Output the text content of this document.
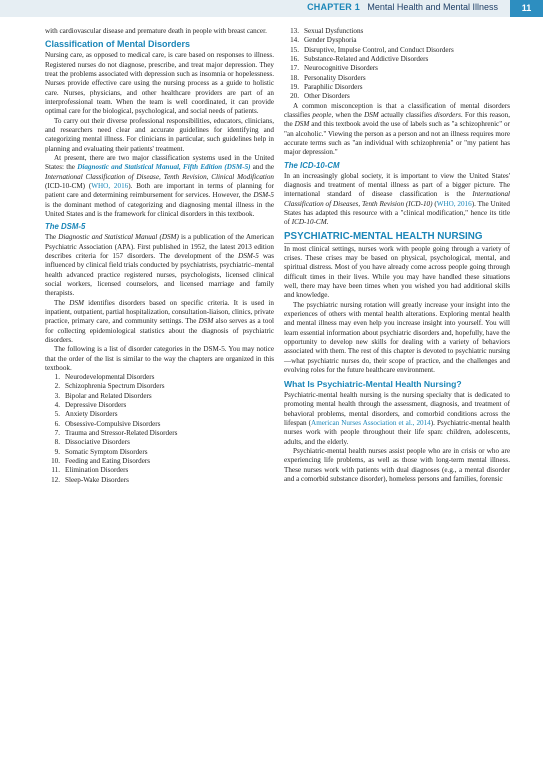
CHAPTER 1 Mental Health and Mental Illness	11

with cardiovascular disease and premature death in people with breast cancer.

Classification of Mental Disorders

Nursing care, as opposed to medical care, is care based on responses to illness. Registered nurses do not diagnose, prescribe, and treat major depression. They treat the problems associated with depression such as insomnia or hopelessness. Nurses provide effective care using the nursing process as a guide to holistic care. Nurses, physicians, and other healthcare providers are part of an interprofessional team. When the team is well coordinated, it can provide optimal care for the biological, psychological, and social needs of patients.

To carry out their diverse professional responsibilities, educators, clinicians, and researchers need clear and accurate guidelines for identifying and categorizing mental illness. For clinicians in particular, such guidelines help in planning and evaluating their patients' treatment.

At present, there are two major classification systems used in the United States: the Diagnostic and Statistical Manual, Fifth Edition (DSM-5) and the International Classification of Disease, Tenth Revision, Clinical Modification (ICD-10-CM) (WHO, 2016). Both are important in terms of planning for patient care and determining reimbursement for services. However, the DSM-5 is the dominant method of categorizing and diagnosing mental illness in the United States and is the framework for clinical disorders in this textbook.

The DSM-5

The Diagnostic and Statistical Manual (DSM) is a publication of the American Psychiatric Association (APA). First published in 1952, the latest 2013 edition describes criteria for 157 disorders. The development of the DSM-5 was influenced by clinical field trials conducted by psychiatrists, psychiatric–mental health advanced practice registered nurses, psychologists, licensed clinical social workers, licensed counselors, and licensed marriage and family therapists.

The DSM identifies disorders based on specific criteria. It is used in inpatient, outpatient, partial hospitalization, consultation-liaison, clinics, private practice, primary care, and community settings. The DSM also serves as a tool for collecting epidemiological statistics about the diagnosis of psychiatric disorders.

The following is a list of disorder categories in the DSM-5. You may notice that the order of the list is similar to the way the chapters are organized in this textbook.

1. Neurodevelopmental Disorders
2. Schizophrenia Spectrum Disorders
3. Bipolar and Related Disorders
4. Depressive Disorders
5. Anxiety Disorders
6. Obsessive-Compulsive Disorders
7. Trauma and Stressor-Related Disorders
8. Dissociative Disorders
9. Somatic Symptom Disorders
10. Feeding and Eating Disorders
11. Elimination Disorders
12. Sleep-Wake Disorders
13. Sexual Dysfunctions
14. Gender Dysphoria
15. Disruptive, Impulse Control, and Conduct Disorders
16. Substance-Related and Addictive Disorders
17. Neurocognitive Disorders
18. Personality Disorders
19. Paraphilic Disorders
20. Other Disorders

A common misconception is that a classification of mental disorders classifies people, when the DSM actually classifies disorders. For this reason, the DSM and this textbook avoid the use of labels such as "a schizophrenic" or "an alcoholic." Viewing the person as a person and not an illness requires more accurate terms such as "an individual with schizophrenia" or "my patient has major depression."

The ICD-10-CM

In an increasingly global society, it is important to view the United States' diagnosis and treatment of mental illness as part of a bigger picture. The international standard of disease classification is the International Classification of Diseases, Tenth Revision (ICD-10) (WHO, 2016). The United States has adapted this resource with a "clinical modification," hence its title of ICD-10-CM.

PSYCHIATRIC-MENTAL HEALTH NURSING

In most clinical settings, nurses work with people going through a variety of crises. These crises may be based on physical, psychological, mental, and spiritual distress. Most of you have already come across people going through difficult times in their lives. While you may have handled these situations well, there may have been times when you wished you had additional skills and knowledge.

The psychiatric nursing rotation will greatly increase your insight into the experiences of others with mental health alterations. Exploring mental health and mental illness may even help you increase insight into yourself. You will learn essential information about psychiatric disorders and, hopefully, have the opportunity to develop new skills for dealing with a variety of behaviors associated with them. The rest of this chapter is devoted to psychiatric nursing—what psychiatric nurses do, their scope of practice, and the challenges and evolving roles for the future healthcare environment.

What Is Psychiatric-Mental Health Nursing?

Psychiatric-mental health nursing is the nursing specialty that is dedicated to promoting mental health through the assessment, diagnosis, and treatment of behavioral problems, mental disorders, and comorbid conditions across the lifespan (American Nurses Association et al., 2014). Psychiatric-mental health nurses work with people throughout their life span: children, adolescents, adults, and the elderly.

Psychiatric-mental health nurses assist people who are in crisis or who are experiencing life problems, as well as those with long-term mental illness. These nurses work with patients with dual diagnoses (e.g., a mental disorder and a comorbid substance disorder), homeless persons and families, forensic
